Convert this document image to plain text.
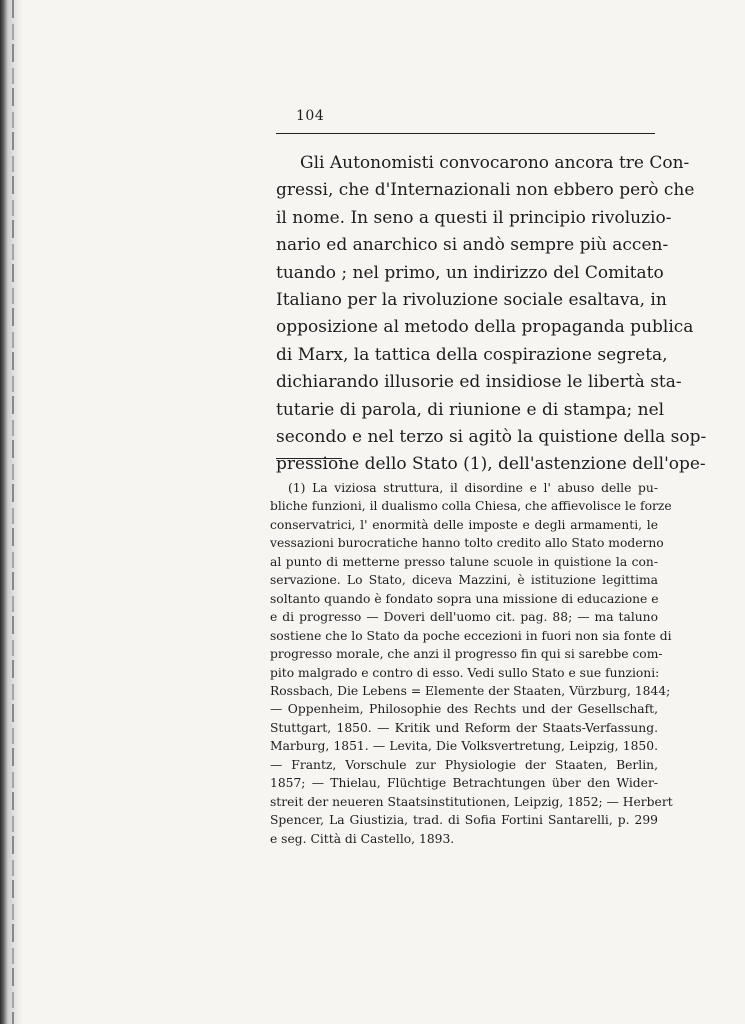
104
Gli Autonomisti convocarono ancora tre Con-
gressi, che d'Internazionali non ebbero però che
il nome. In seno a questi il principio rivoluzio-
nario ed anarchico si andò sempre più accen-
tuando ; nel primo, un indirizzo del Comitato
Italiano per la rivoluzione sociale esaltava, in
opposizione al metodo della propaganda publica
di Marx, la tattica della cospirazione segreta,
dichiarando illusorie ed insidiose le libertà sta-
tutarie di parola, di riunione e di stampa; nel
secondo e nel terzo si agitò la quistione della sop-
pressione dello Stato (1), dell'astenzione dell'ope-
(1) La viziosa struttura, il disordine e l' abuso delle pu-
bliche funzioni, il dualismo colla Chiesa, che affievolisce le forze
conservatrici, l' enormità delle imposte e degli armamenti, le
vessazioni burocratiche hanno tolto credito allo Stato moderno
al punto di metterne presso talune scuole in quistione la con-
servazione. Lo Stato, diceva Mazzini, è istituzione legittima
soltanto quando è fondato sopra una missione di educazione e
e di progresso — Doveri dell'uomo cit. pag. 88; — ma taluno
sostiene che lo Stato da poche eccezioni in fuori non sia fonte di
progresso morale, che anzi il progresso fin qui si sarebbe com-
pito malgrado e contro di esso. Vedi sullo Stato e sue funzioni:
Rossbach, Die Lebens = Elemente der Staaten, Vürzburg, 1844;
— Oppenheim, Philosophie des Rechts und der Gesellschaft,
Stuttgart, 1850. — Kritik und Reform der Staats-Verfassung.
Marburg, 1851. — Levita, Die Volksvertretung, Leipzig, 1850.
— Frantz, Vorschule zur Physiologie der Staaten, Berlin,
1857; — Thielau, Flüchtige Betrachtungen über den Wider-
streit der neueren Staatsinstitutionen, Leipzig, 1852; — Herbert
Spencer, La Giustizia, trad. di Sofia Fortini Santarelli, p. 299
e seg. Città di Castello, 1893.
